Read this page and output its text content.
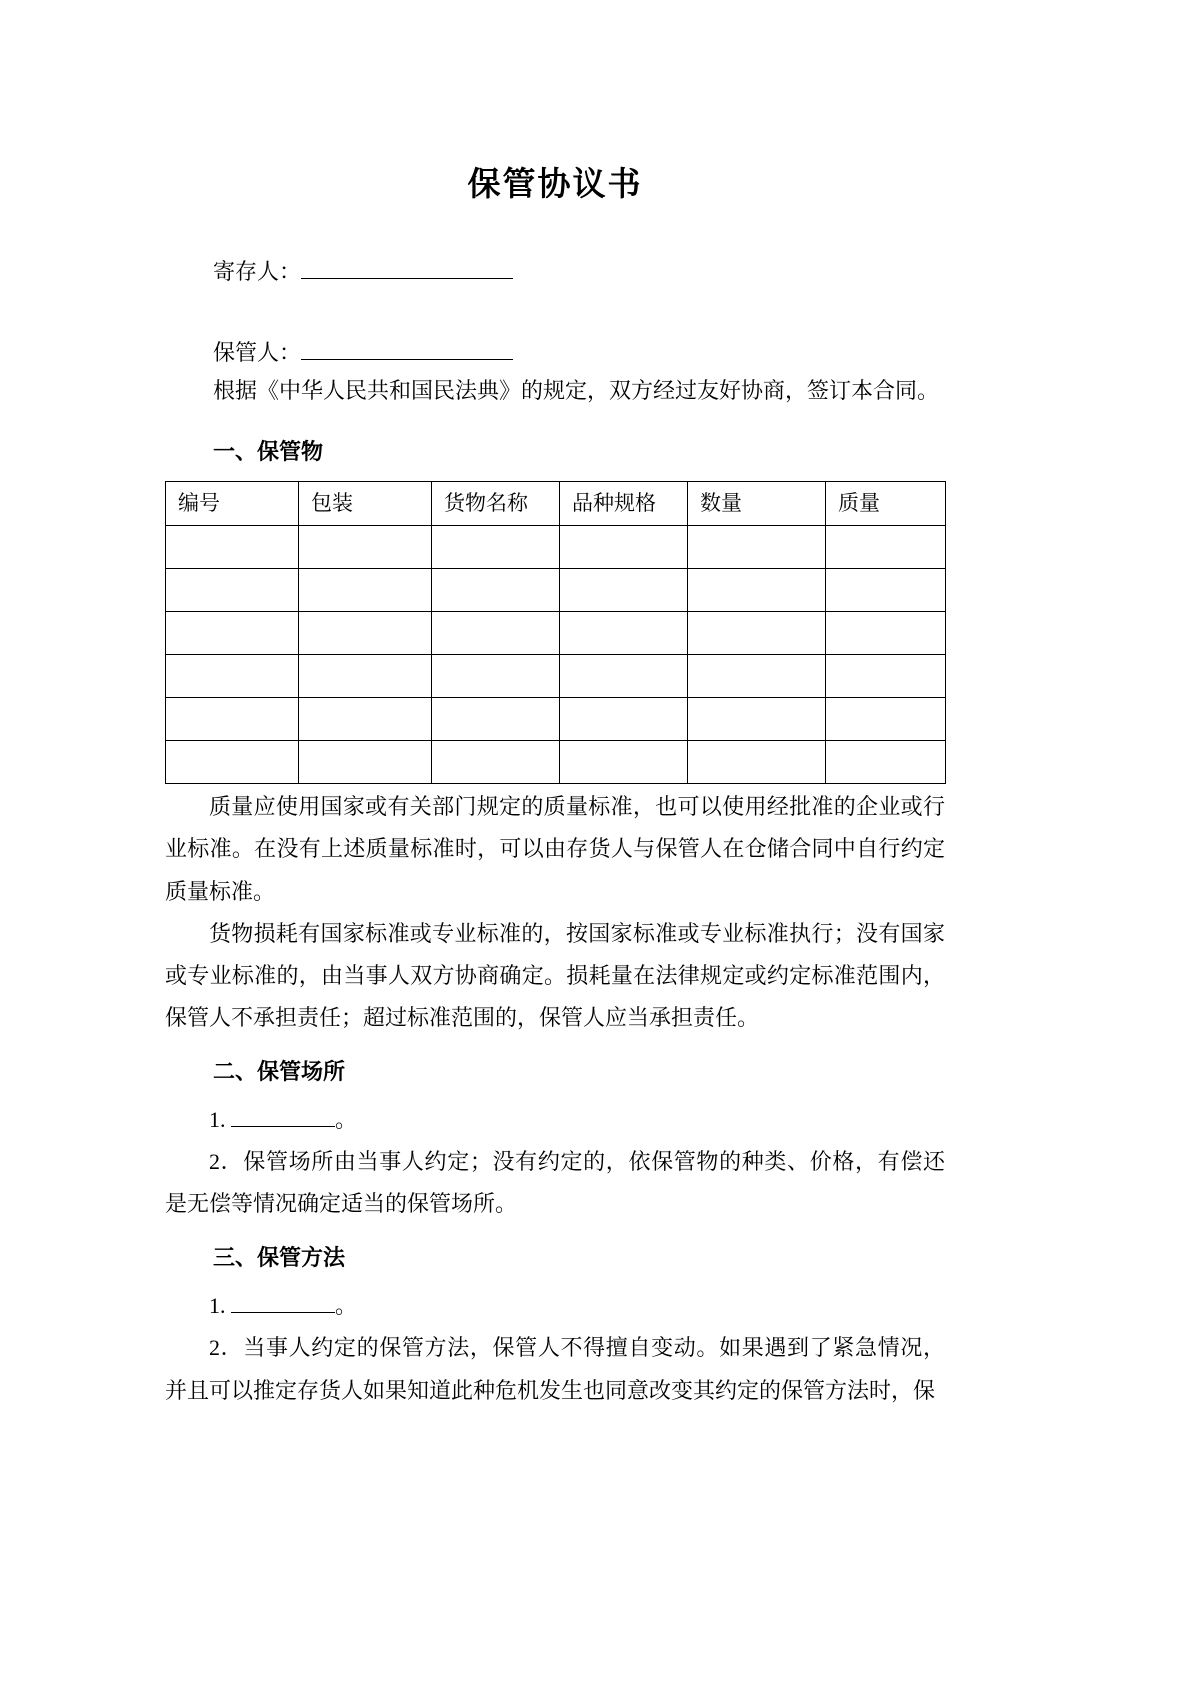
保管协议书
寄存人：
保管人：

根据《中华人民共和国民法典》的规定，双方经过友好协商，签订本合同。

一、保管物
编号	包装	货物名称	品种规格	数量	质量

质量应使用国家或有关部门规定的质量标准，也可以使用经批准的企业或行业标准。在没有上述质量标准时，可以由存货人与保管人在仓储合同中自行约定质量标准。

货物损耗有国家标准或专业标准的，按国家标准或专业标准执行；没有国家或专业标准的，由当事人双方协商确定。损耗量在法律规定或约定标准范围内，保管人不承担责任；超过标准范围的，保管人应当承担责任。

二、保管场所

1.	。

2．保管场所由当事人约定；没有约定的，依保管物的种类、价格，有偿还是无偿等情况确定适当的保管场所。

三、保管方法

1.	。

2．当事人约定的保管方法，保管人不得擅自变动。如果遇到了紧急情况，并且可以推定存货人如果知道此种危机发生也同意改变其约定的保管方法时，保
